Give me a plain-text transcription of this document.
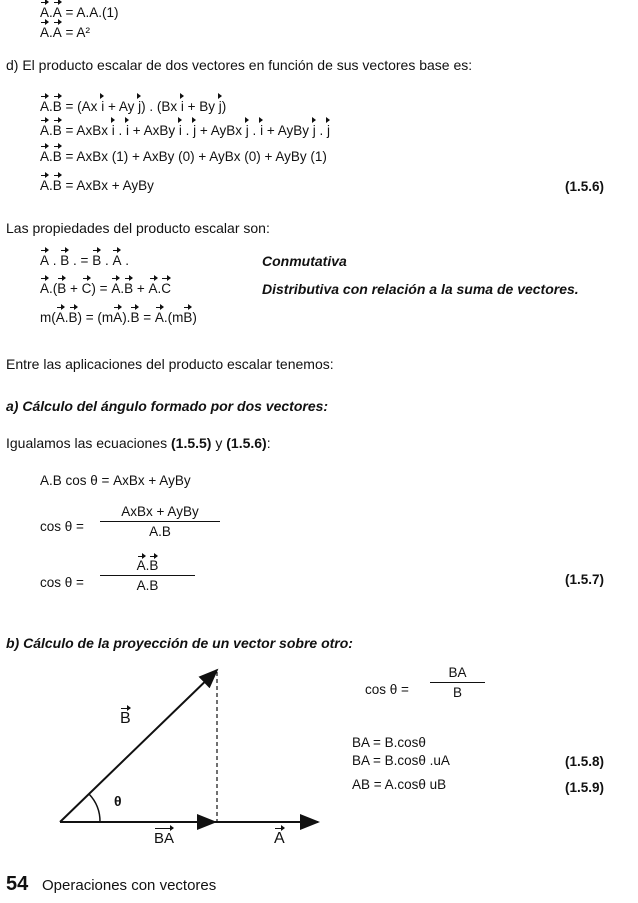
A.A = A.A.(1)
A.A = A²
d) El producto escalar de dos vectores en función de sus vectores base es:
A.B = (Ax i + Ay j) . (Bx i + By j)
A.B = AxBx i . i + AxBy i . j + AyBx j . i + AyBy j . j
A.B = AxBx (1) + AxBy (0) + AyBx (0) + AyBy (1)
A.B = AxBx + AyBy	(1.5.6)
Las propiedades del producto escalar son:
A . B . = B . A .	Conmutativa
A.(B + C) = A.B + A.C	Distributiva con relación a la suma de vectores.
m(A.B) = (mA).B = A.(mB)
Entre las aplicaciones del producto escalar tenemos:
a) Cálculo del ángulo formado por dos vectores:
Igualamos las ecuaciones (1.5.5) y (1.5.6):
A.B cos θ = AxBx + AyBy
cos θ =
AxBx + AyBy
A.B
cos θ =
A.B
A.B	(1.5.7)
b) Cálculo de la proyección de un vector sobre otro:
B
θ
BA	A
cos θ =
BA
B
BA = B.cosθ
BA = B.cosθ .uA	(1.5.8)
AB = A.cosθ uB	(1.5.9)
54 Operaciones con vectores
